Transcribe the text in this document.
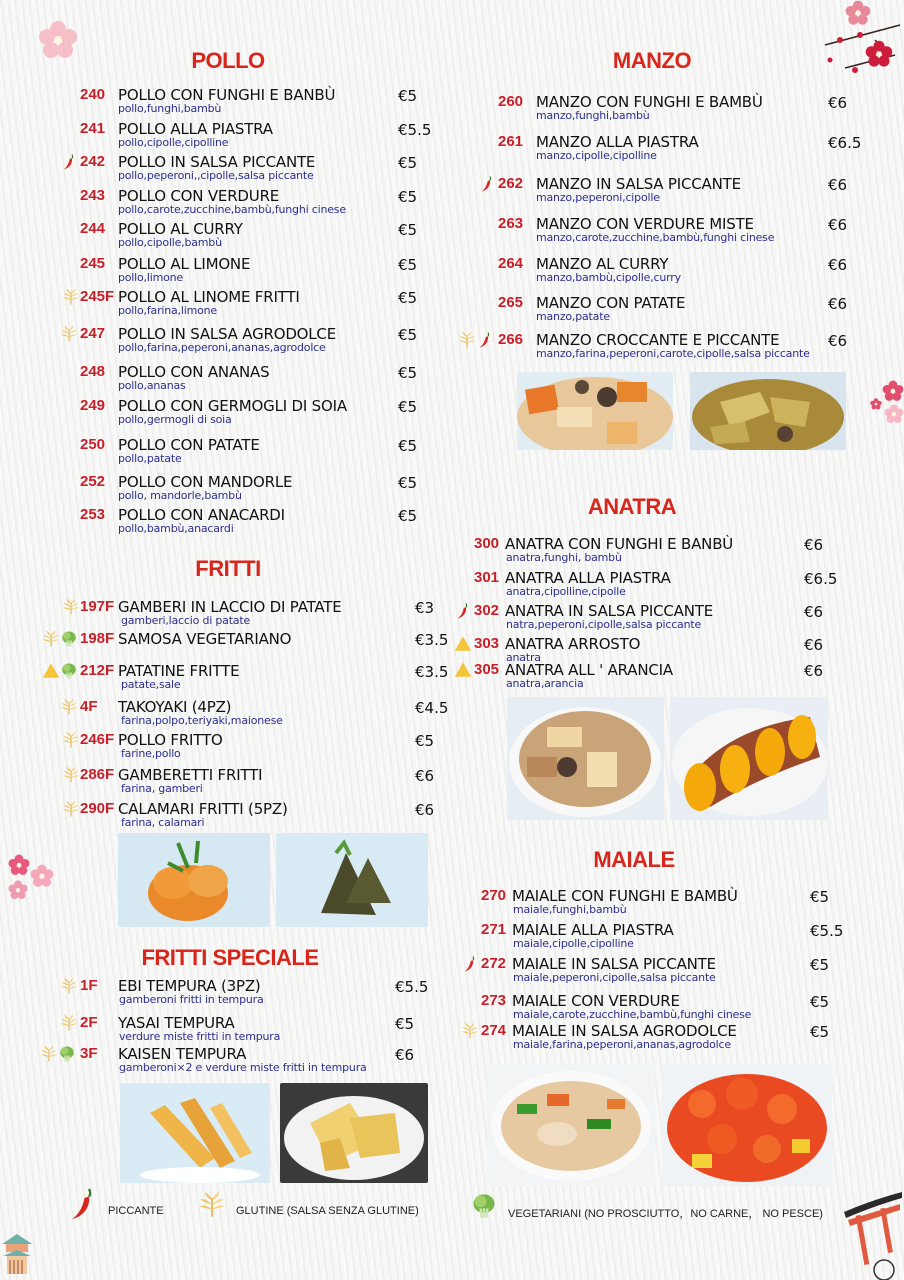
POLLO
240 POLLO CON FUNGHI E BANBÙ
pollo,funghi,bambù
€5
241 POLLO ALLA PIASTRA
pollo,cipolle,cipolline
€5.5
242 POLLO IN SALSA PICCANTE
pollo,peperoni,,cipolle,salsa piccante
€5
243 POLLO CON VERDURE
pollo,carote,zucchine,bambù,funghi cinese
€5
244 POLLO AL CURRY
pollo,cipolle,bambù
€5
245 POLLO AL LIMONE
pollo,limone
€5
245F POLLO AL LINOME FRITTI
pollo,farina,limone
€5
247 POLLO IN SALSA AGRODOLCE
pollo,farina,peperoni,ananas,agrodolce
€5
248 POLLO CON ANANAS
pollo,ananas
€5
249 POLLO CON GERMOGLI DI SOIA
pollo,germogli di soia
€5
250 POLLO CON PATATE
pollo,patate
€5
252 POLLO CON MANDORLE
pollo, mandorle,bambù
€5
253 POLLO CON ANACARDI
pollo,bambù,anacardi
€5
FRITTI
197F GAMBERI IN LACCIO DI PATATE
gamberi,laccio di patate
€3
198F SAMOSA VEGETARIANO	€3.5
212F PATATINE FRITTE
patate,sale
€3.5
4F TAKOYAKI (4PZ)
farina,polpo,teriyaki,maionese
€4.5
246F POLLO FRITTO
farine,pollo
€5
286F GAMBERETTI FRITTI
farina, gamberi
€6
290F CALAMARI FRITTI (5PZ)
farina, calamari
€6
FRITTI SPECIALE
1F EBI TEMPURA (3PZ)
gamberoni fritti in tempura
€5.5
2F YASAI TEMPURA
verdure miste fritti in tempura
€5
3F KAISEN TEMPURA
gamberoni×2 e verdure miste fritti in tempura
€6
PICCANTE	GLUTINE (SALSA SENZA GLUTINE)	VEGETARIANI (NO PROSCIUTTO，NO CARNE， NO PESCE)
MANZO
260 MANZO CON FUNGHI E BAMBÙ
manzo,funghi,bambù
€6
261 MANZO ALLA PIASTRA
manzo,cipolle,cipolline
€6.5
262 MANZO IN SALSA PICCANTE
manzo,peperoni,cipolle
€6
263 MANZO CON VERDURE MISTE
manzo,carote,zucchine,bambù,funghi cinese
€6
264 MANZO AL CURRY
manzo,bambù,cipolle,curry
€6
265 MANZO CON PATATE
manzo,patate
€6
266 MANZO CROCCANTE E PICCANTE
manzo,farina,peperoni,carote,cipolle,salsa piccante
€6
ANATRA
300 ANATRA CON FUNGHI E BANBÙ
anatra,funghi, bambù
€6
301 ANATRA ALLA PIASTRA
anatra,cipolline,cipolle
€6.5
302 ANATRA IN SALSA PICCANTE
natra,peperoni,cipolle,salsa piccante
€6
303 ANATRA ARROSTO
anatra
€6
305 ANATRA ALL ' ARANCIA
anatra,arancia
€6
MAIALE
270 MAIALE CON FUNGHI E BAMBÙ
maiale,funghi,bambù
€5
271 MAIALE ALLA PIASTRA
maiale,cipolle,cipolline
€5.5
272 MAIALE IN SALSA PICCANTE
maiale,peperoni,cipolle,salsa piccante
€5
273 MAIALE CON VERDURE
maiale,carote,zucchine,bambù,funghi cinese
€5
274 MAIALE IN SALSA AGRODOLCE
maiale,farina,peperoni,ananas,agrodolce
€5
